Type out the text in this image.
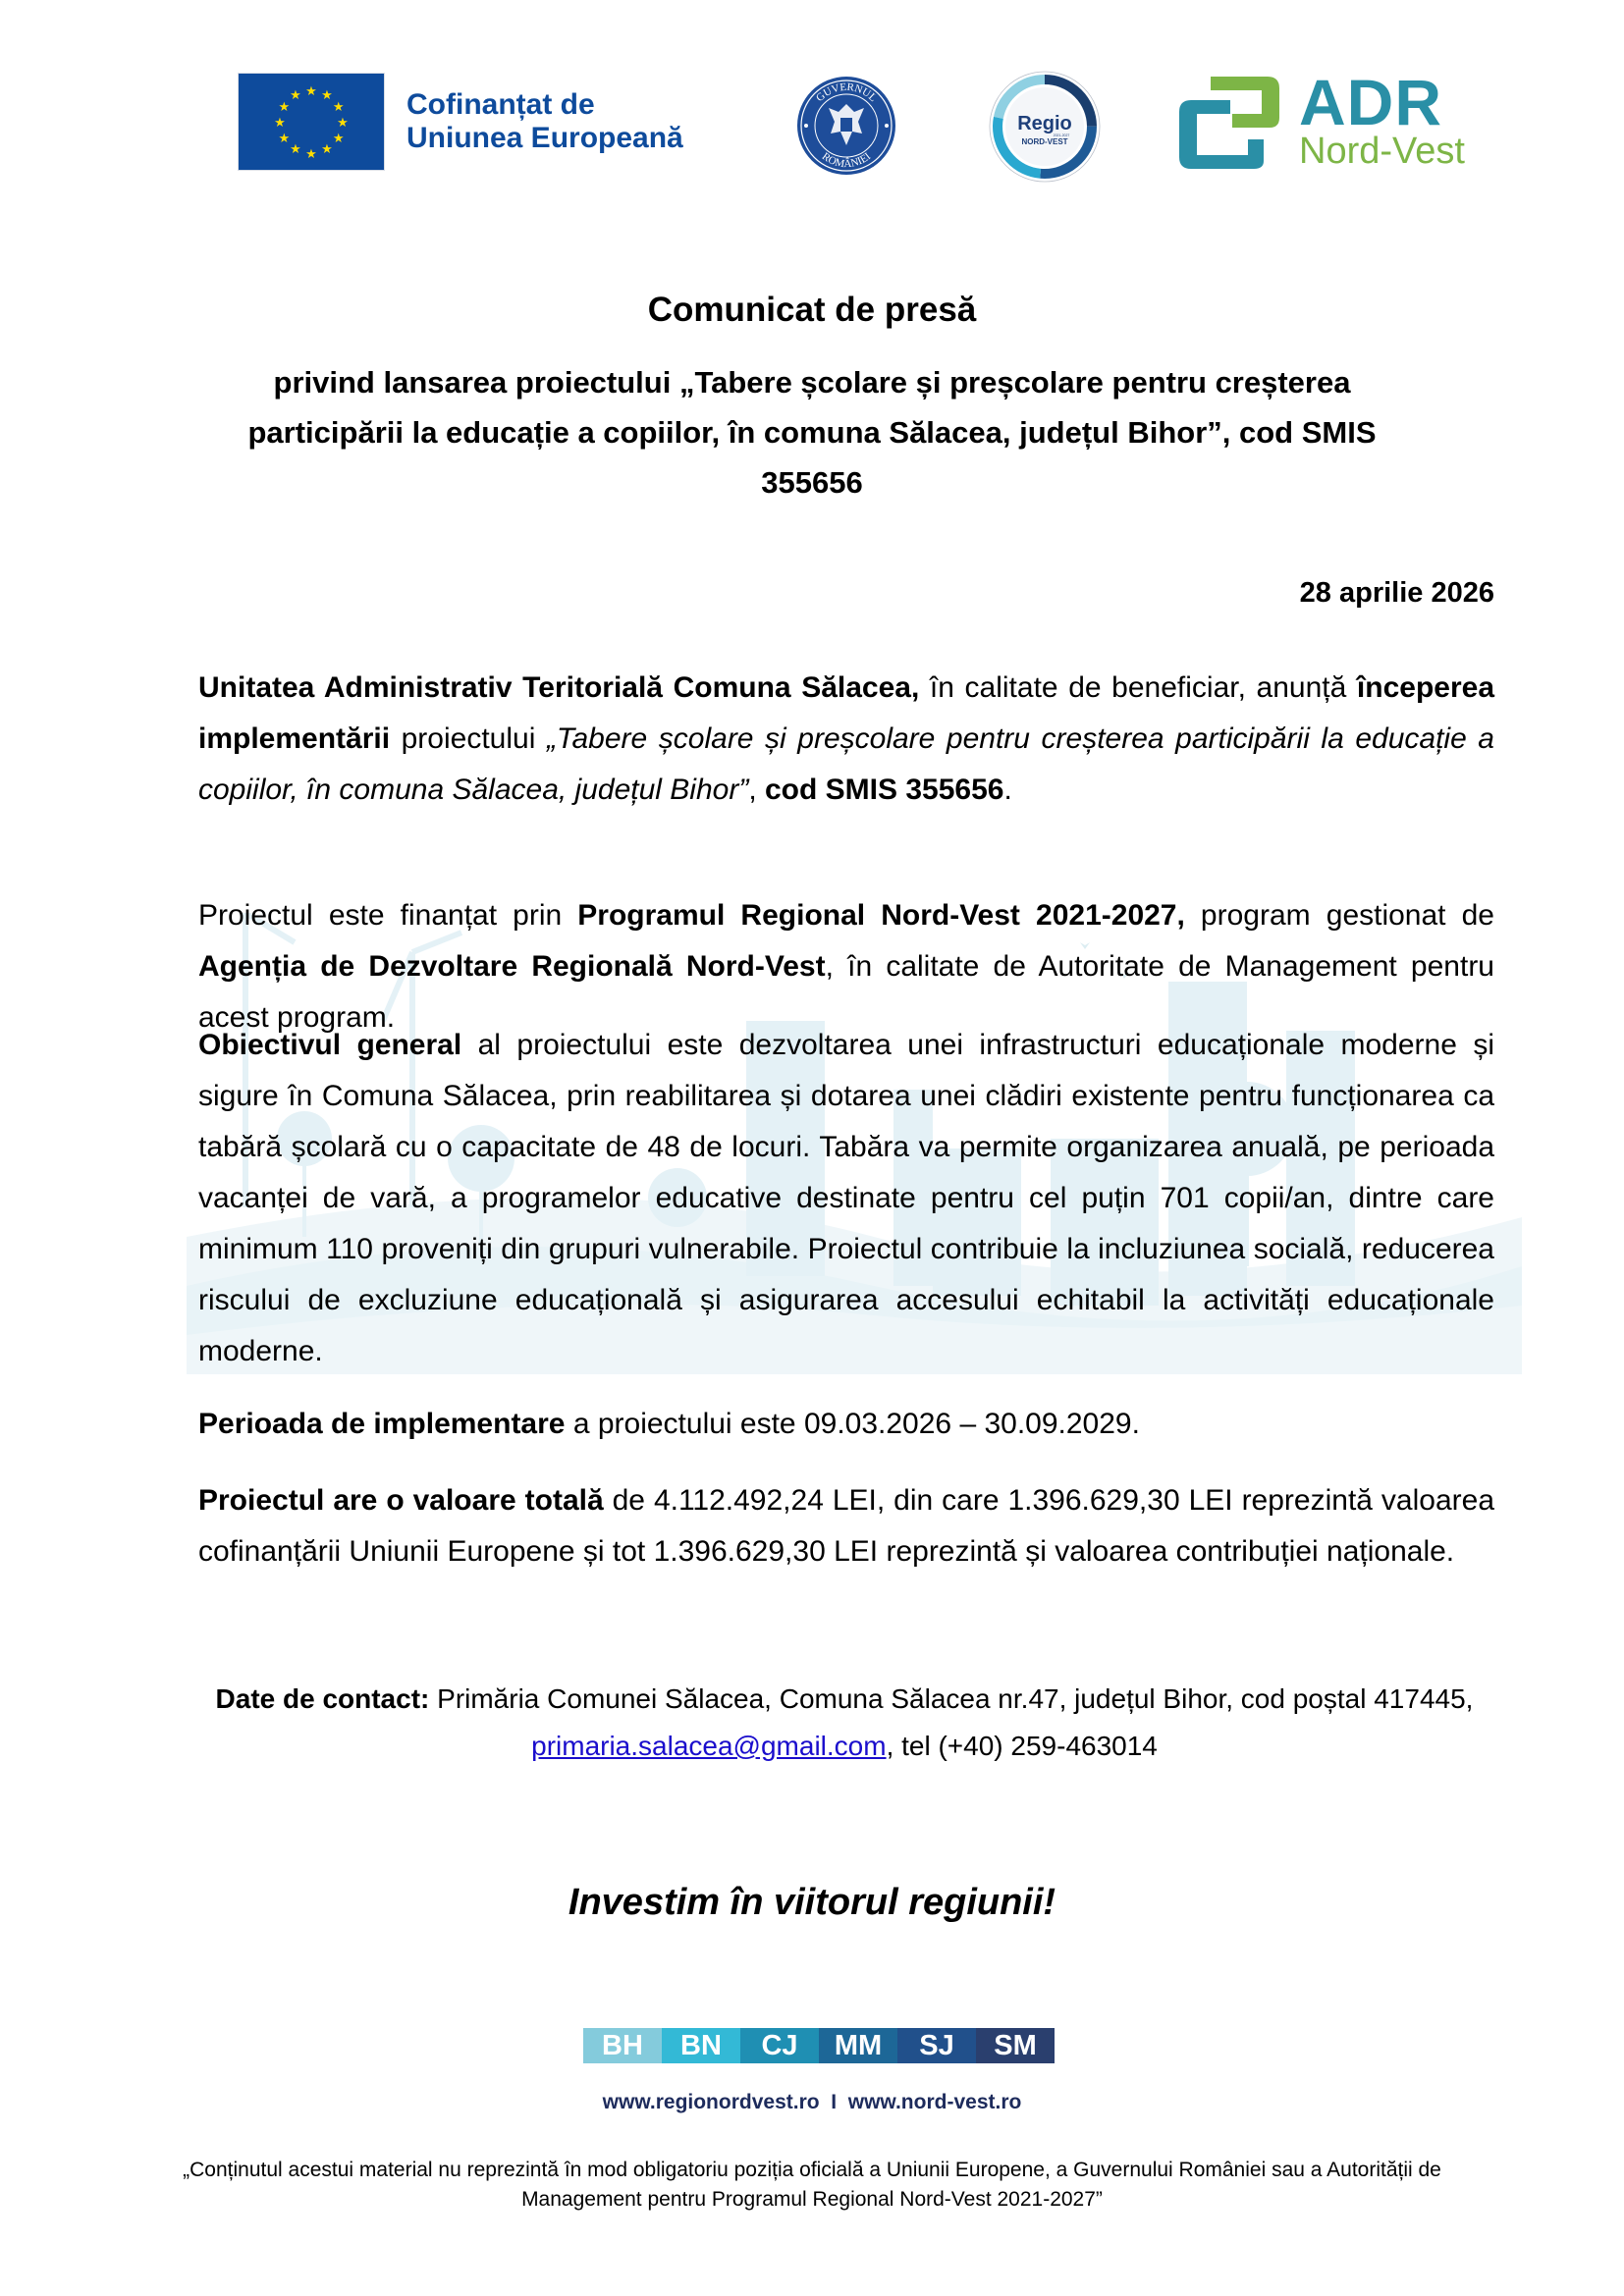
★ ★
★
★
★
★
★
★
★
★
★
★	Cofinanțat de
Uniunea Europeană
GUVERNUL
ROMÂNIEI
Regio
2021-2027
NORD-VEST
ADR
Nord-Vest
Comunicat de presă
privind lansarea proiectului „Tabere școlare și preșcolare pentru creșterea participării la educație a copiilor, în comuna Sălacea, județul Bihor”, cod SMIS 355656
28 aprilie 2026
Unitatea Administrativ Teritorială Comuna Sălacea, în calitate de beneficiar, anunță începerea implementării proiectului „Tabere școlare și preșcolare pentru creșterea participării la educație a copiilor, în comuna Sălacea, județul Bihor”, cod SMIS 355656.
Proiectul este finanțat prin Programul Regional Nord-Vest 2021-2027, program gestionat de Agenția de Dezvoltare Regională Nord-Vest, în calitate de Autoritate de Management pentru acest program.
Obiectivul general al proiectului este dezvoltarea unei infrastructuri educaționale moderne și sigure în Comuna Sălacea, prin reabilitarea și dotarea unei clădiri existente pentru funcționarea ca tabără școlară cu o capacitate de 48 de locuri. Tabăra va permite organizarea anuală, pe perioada vacanței de vară, a programelor educative destinate pentru cel puțin 701 copii/an, dintre care minimum 110 proveniți din grupuri vulnerabile. Proiectul contribuie la incluziunea socială, reducerea riscului de excluziune educațională și asigurarea accesului echitabil la activități educaționale moderne.
Perioada de implementare a proiectului este 09.03.2026 – 30.09.2029.
Proiectul are o valoare totală de 4.112.492,24 LEI, din care 1.396.629,30 LEI reprezintă valoarea cofinanțării Uniunii Europene și tot 1.396.629,30 LEI reprezintă și valoarea contribuției naționale.
Date de contact: Primăria Comunei Sălacea, Comuna Sălacea nr.47, județul Bihor, cod poștal 417445, primaria.salacea@gmail.com, tel (+40) 259-463014
Investim în viitorul regiunii!
BH	BN	CJ	MM	SJ	SM
www.regionordvest.ro  I  www.nord-vest.ro
„Conținutul acestui material nu reprezintă în mod obligatoriu poziția oficială a Uniunii Europene, a Guvernului României sau a Autorității de Management pentru Programul Regional Nord-Vest 2021-2027”
